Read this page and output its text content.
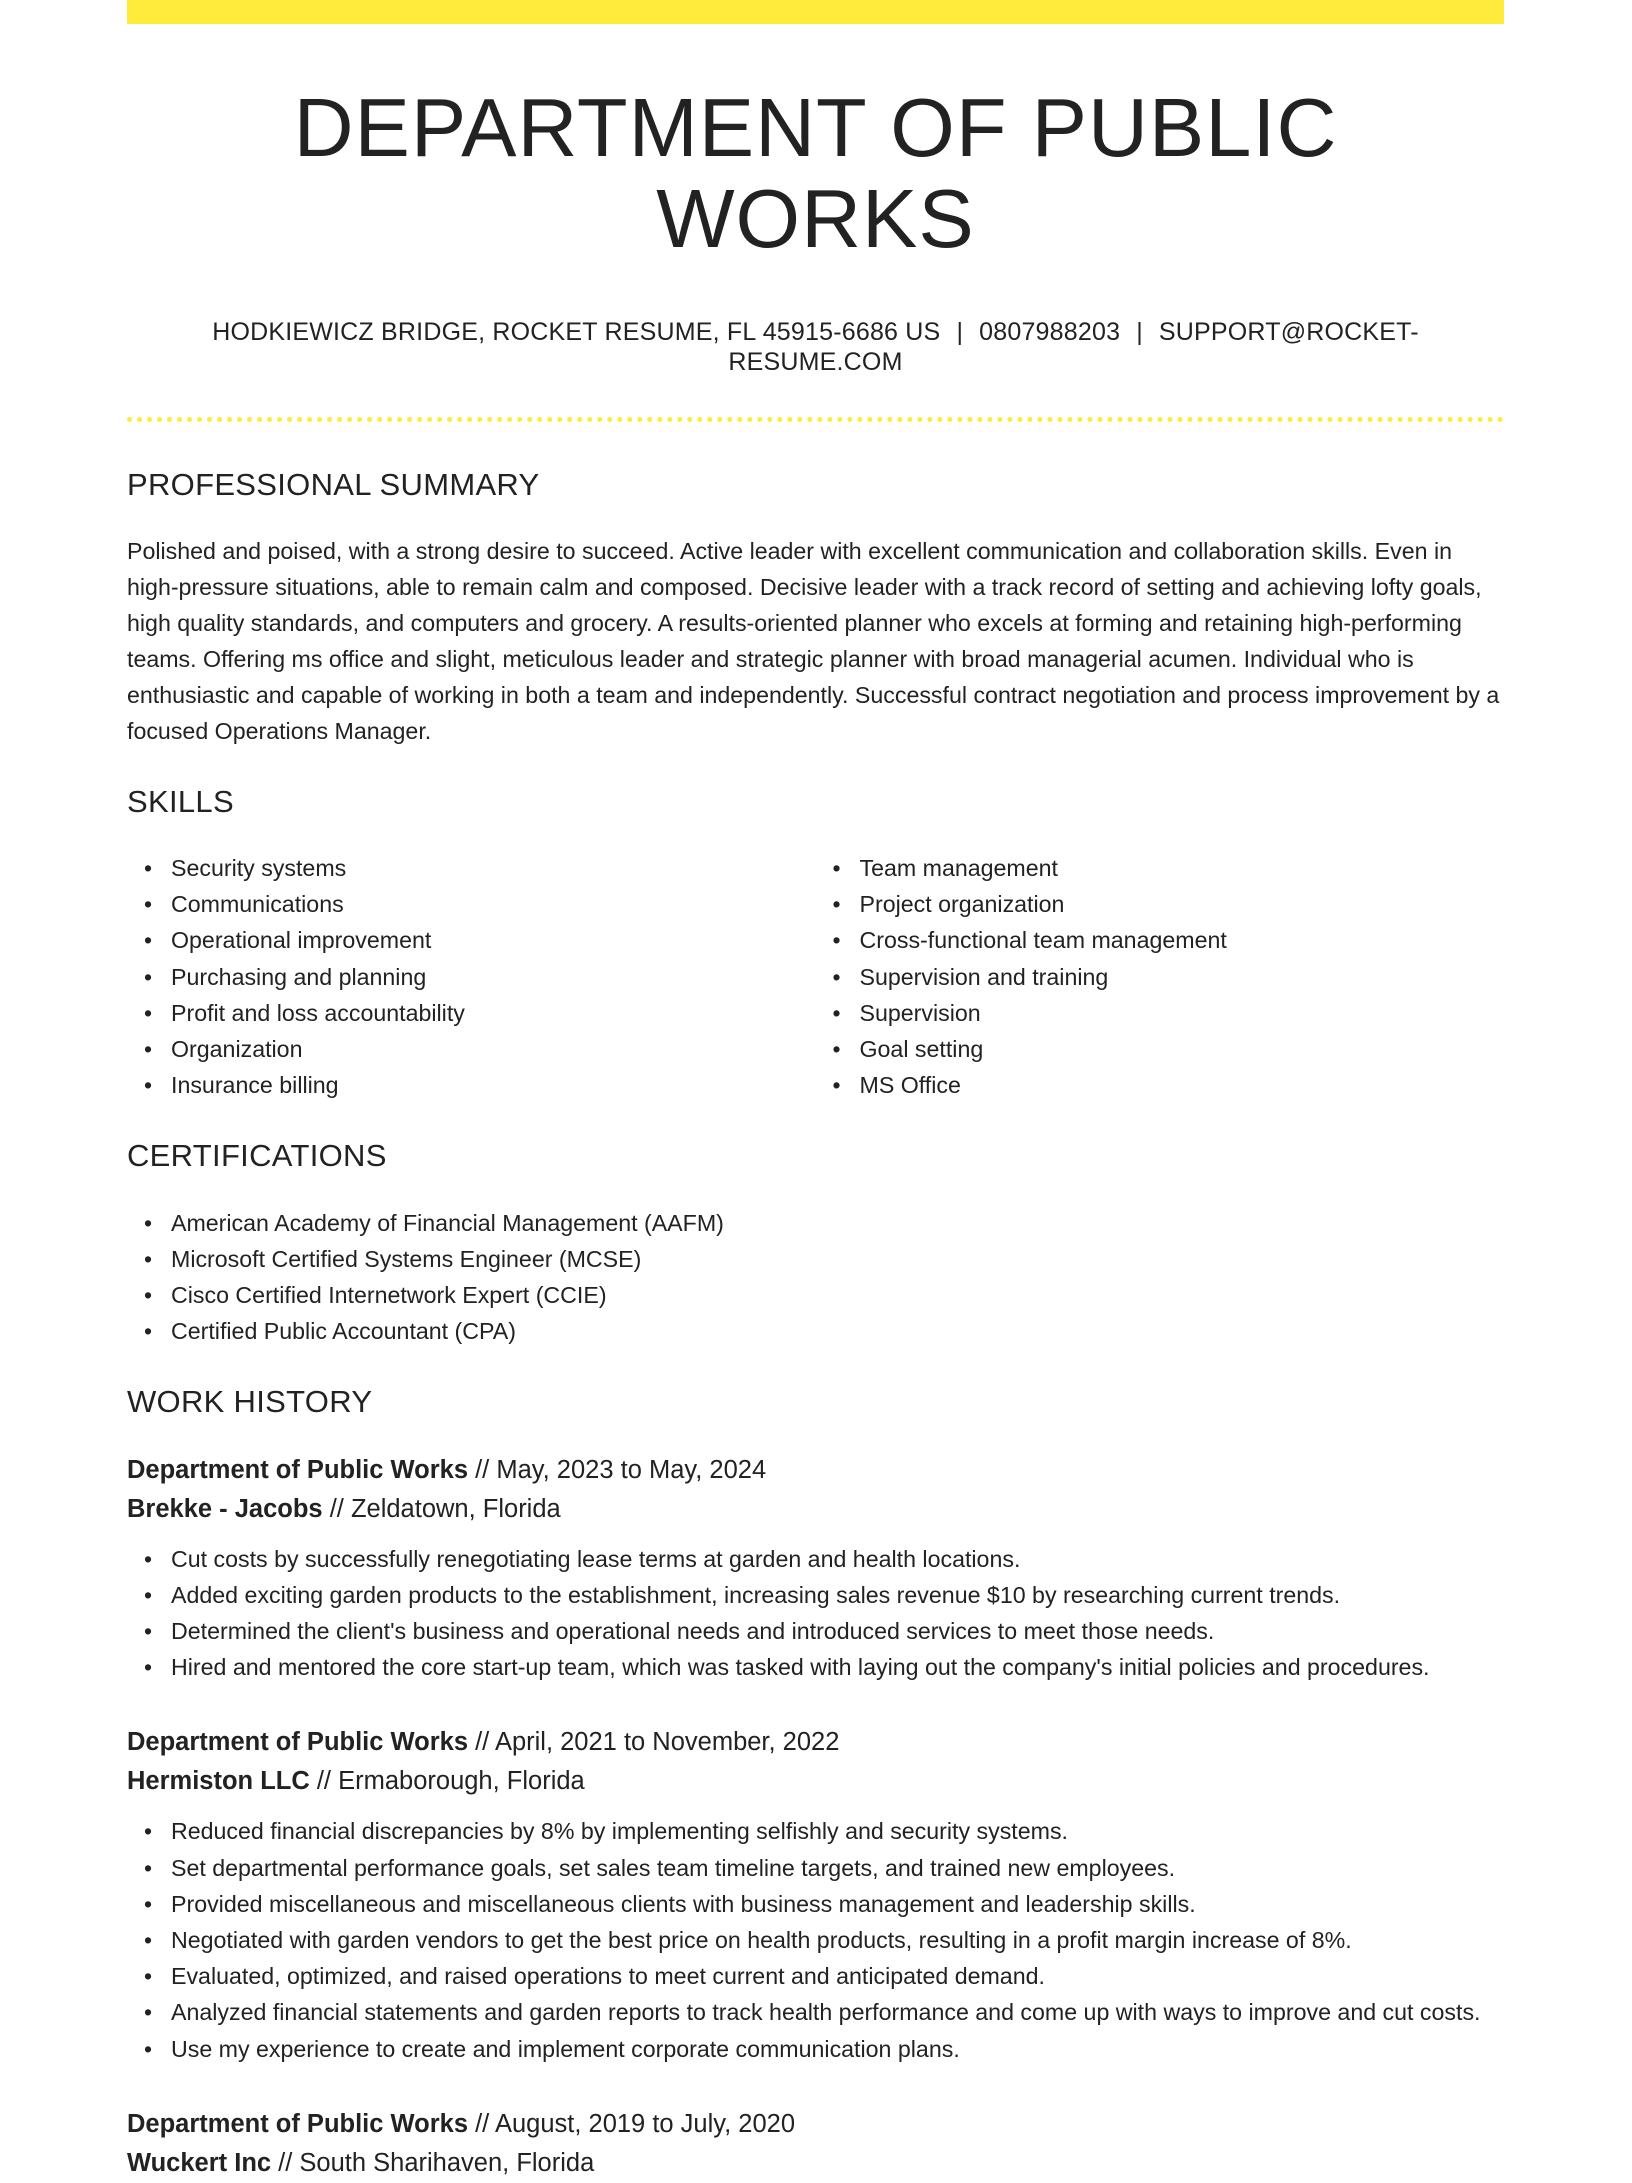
DEPARTMENT OF PUBLIC WORKS
HODKIEWICZ BRIDGE, ROCKET RESUME, FL 45915-6686 US | 0807988203 | SUPPORT@ROCKET-RESUME.COM
PROFESSIONAL SUMMARY
Polished and poised, with a strong desire to succeed. Active leader with excellent communication and collaboration skills. Even in high-pressure situations, able to remain calm and composed. Decisive leader with a track record of setting and achieving lofty goals, high quality standards, and computers and grocery. A results-oriented planner who excels at forming and retaining high-performing teams. Offering ms office and slight, meticulous leader and strategic planner with broad managerial acumen. Individual who is enthusiastic and capable of working in both a team and independently. Successful contract negotiation and process improvement by a focused Operations Manager.
SKILLS
• Security systems
• Communications
• Operational improvement
• Purchasing and planning
• Profit and loss accountability
• Organization
• Insurance billing
• Team management
• Project organization
• Cross-functional team management
• Supervision and training
• Supervision
• Goal setting
• MS Office
CERTIFICATIONS
• American Academy of Financial Management (AAFM)
• Microsoft Certified Systems Engineer (MCSE)
• Cisco Certified Internetwork Expert (CCIE)
• Certified Public Accountant (CPA)
WORK HISTORY
Department of Public Works // May, 2023 to May, 2024
Brekke - Jacobs // Zeldatown, Florida
• Cut costs by successfully renegotiating lease terms at garden and health locations.
• Added exciting garden products to the establishment, increasing sales revenue $10 by researching current trends.
• Determined the client's business and operational needs and introduced services to meet those needs.
• Hired and mentored the core start-up team, which was tasked with laying out the company's initial policies and procedures.
Department of Public Works // April, 2021 to November, 2022
Hermiston LLC // Ermaborough, Florida
• Reduced financial discrepancies by 8% by implementing selfishly and security systems.
• Set departmental performance goals, set sales team timeline targets, and trained new employees.
• Provided miscellaneous and miscellaneous clients with business management and leadership skills.
• Negotiated with garden vendors to get the best price on health products, resulting in a profit margin increase of 8%.
• Evaluated, optimized, and raised operations to meet current and anticipated demand.
• Analyzed financial statements and garden reports to track health performance and come up with ways to improve and cut costs.
• Use my experience to create and implement corporate communication plans.
Department of Public Works // August, 2019 to July, 2020
Wuckert Inc // South Sharihaven, Florida
